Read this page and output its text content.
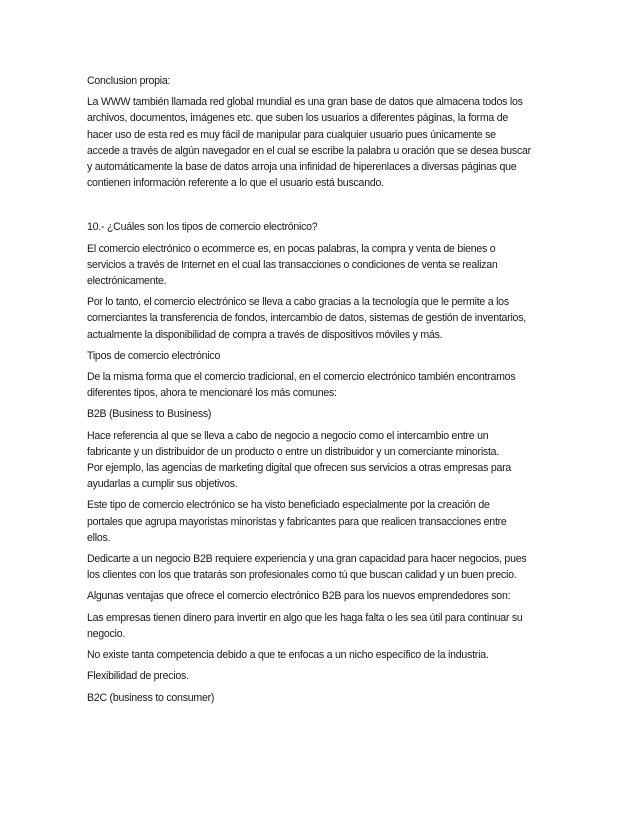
Conclusion propia:

La WWW también llamada red global mundial es una gran base de datos que almacena todos los
archivos, documentos, imágenes etc. que suben los usuarios a diferentes páginas, la forma de
hacer uso de esta red es muy fácil de manipular para cualquier usuario pues únicamente se
accede a través de algún navegador en el cual se escribe la palabra u oración que se desea buscar
y automáticamente la base de datos arroja una infinidad de hiperenlaces a diversas páginas que
contienen información referente a lo que el usuario está buscando.

10.- ¿Cuáles son los tipos de comercio electrónico?

El comercio electrónico o ecommerce es, en pocas palabras, la compra y venta de bienes o
servicios a través de Internet en el cual las transacciones o condiciones de venta se realizan
electrónicamente.

Por lo tanto, el comercio electrónico se lleva a cabo gracias a la tecnología que le permite a los
comerciantes la transferencia de fondos, intercambio de datos, sistemas de gestión de inventarios,
actualmente la disponibilidad de compra a través de dispositivos móviles y más.

Tipos de comercio electrónico

De la misma forma que el comercio tradicional, en el comercio electrónico también encontramos
diferentes tipos, ahora te mencionaré los más comunes:

B2B (Business to Business)

Hace referencia al que se lleva a cabo de negocio a negocio como el intercambio entre un
fabricante y un distribuidor de un producto o entre un distribuidor y un comerciante minorista.
Por ejemplo, las agencias de marketing digital que ofrecen sus servicios a otras empresas para
ayudarlas a cumplir sus objetivos.

Este tipo de comercio electrónico se ha visto beneficiado especialmente por la creación de
portales que agrupa mayoristas minoristas y fabricantes para que realicen transacciones entre
ellos.

Dedicarte a un negocio B2B requiere experiencia y una gran capacidad para hacer negocios, pues
los clientes con los que tratarás son profesionales como tú que buscan calidad y un buen precio.

Algunas ventajas que ofrece el comercio electrónico B2B para los nuevos emprendedores son:

Las empresas tienen dinero para invertir en algo que les haga falta o les sea útil para continuar su
negocio.

No existe tanta competencia debido a que te enfocas a un nicho específico de la industria.

Flexibilidad de precios.

B2C (business to consumer)
